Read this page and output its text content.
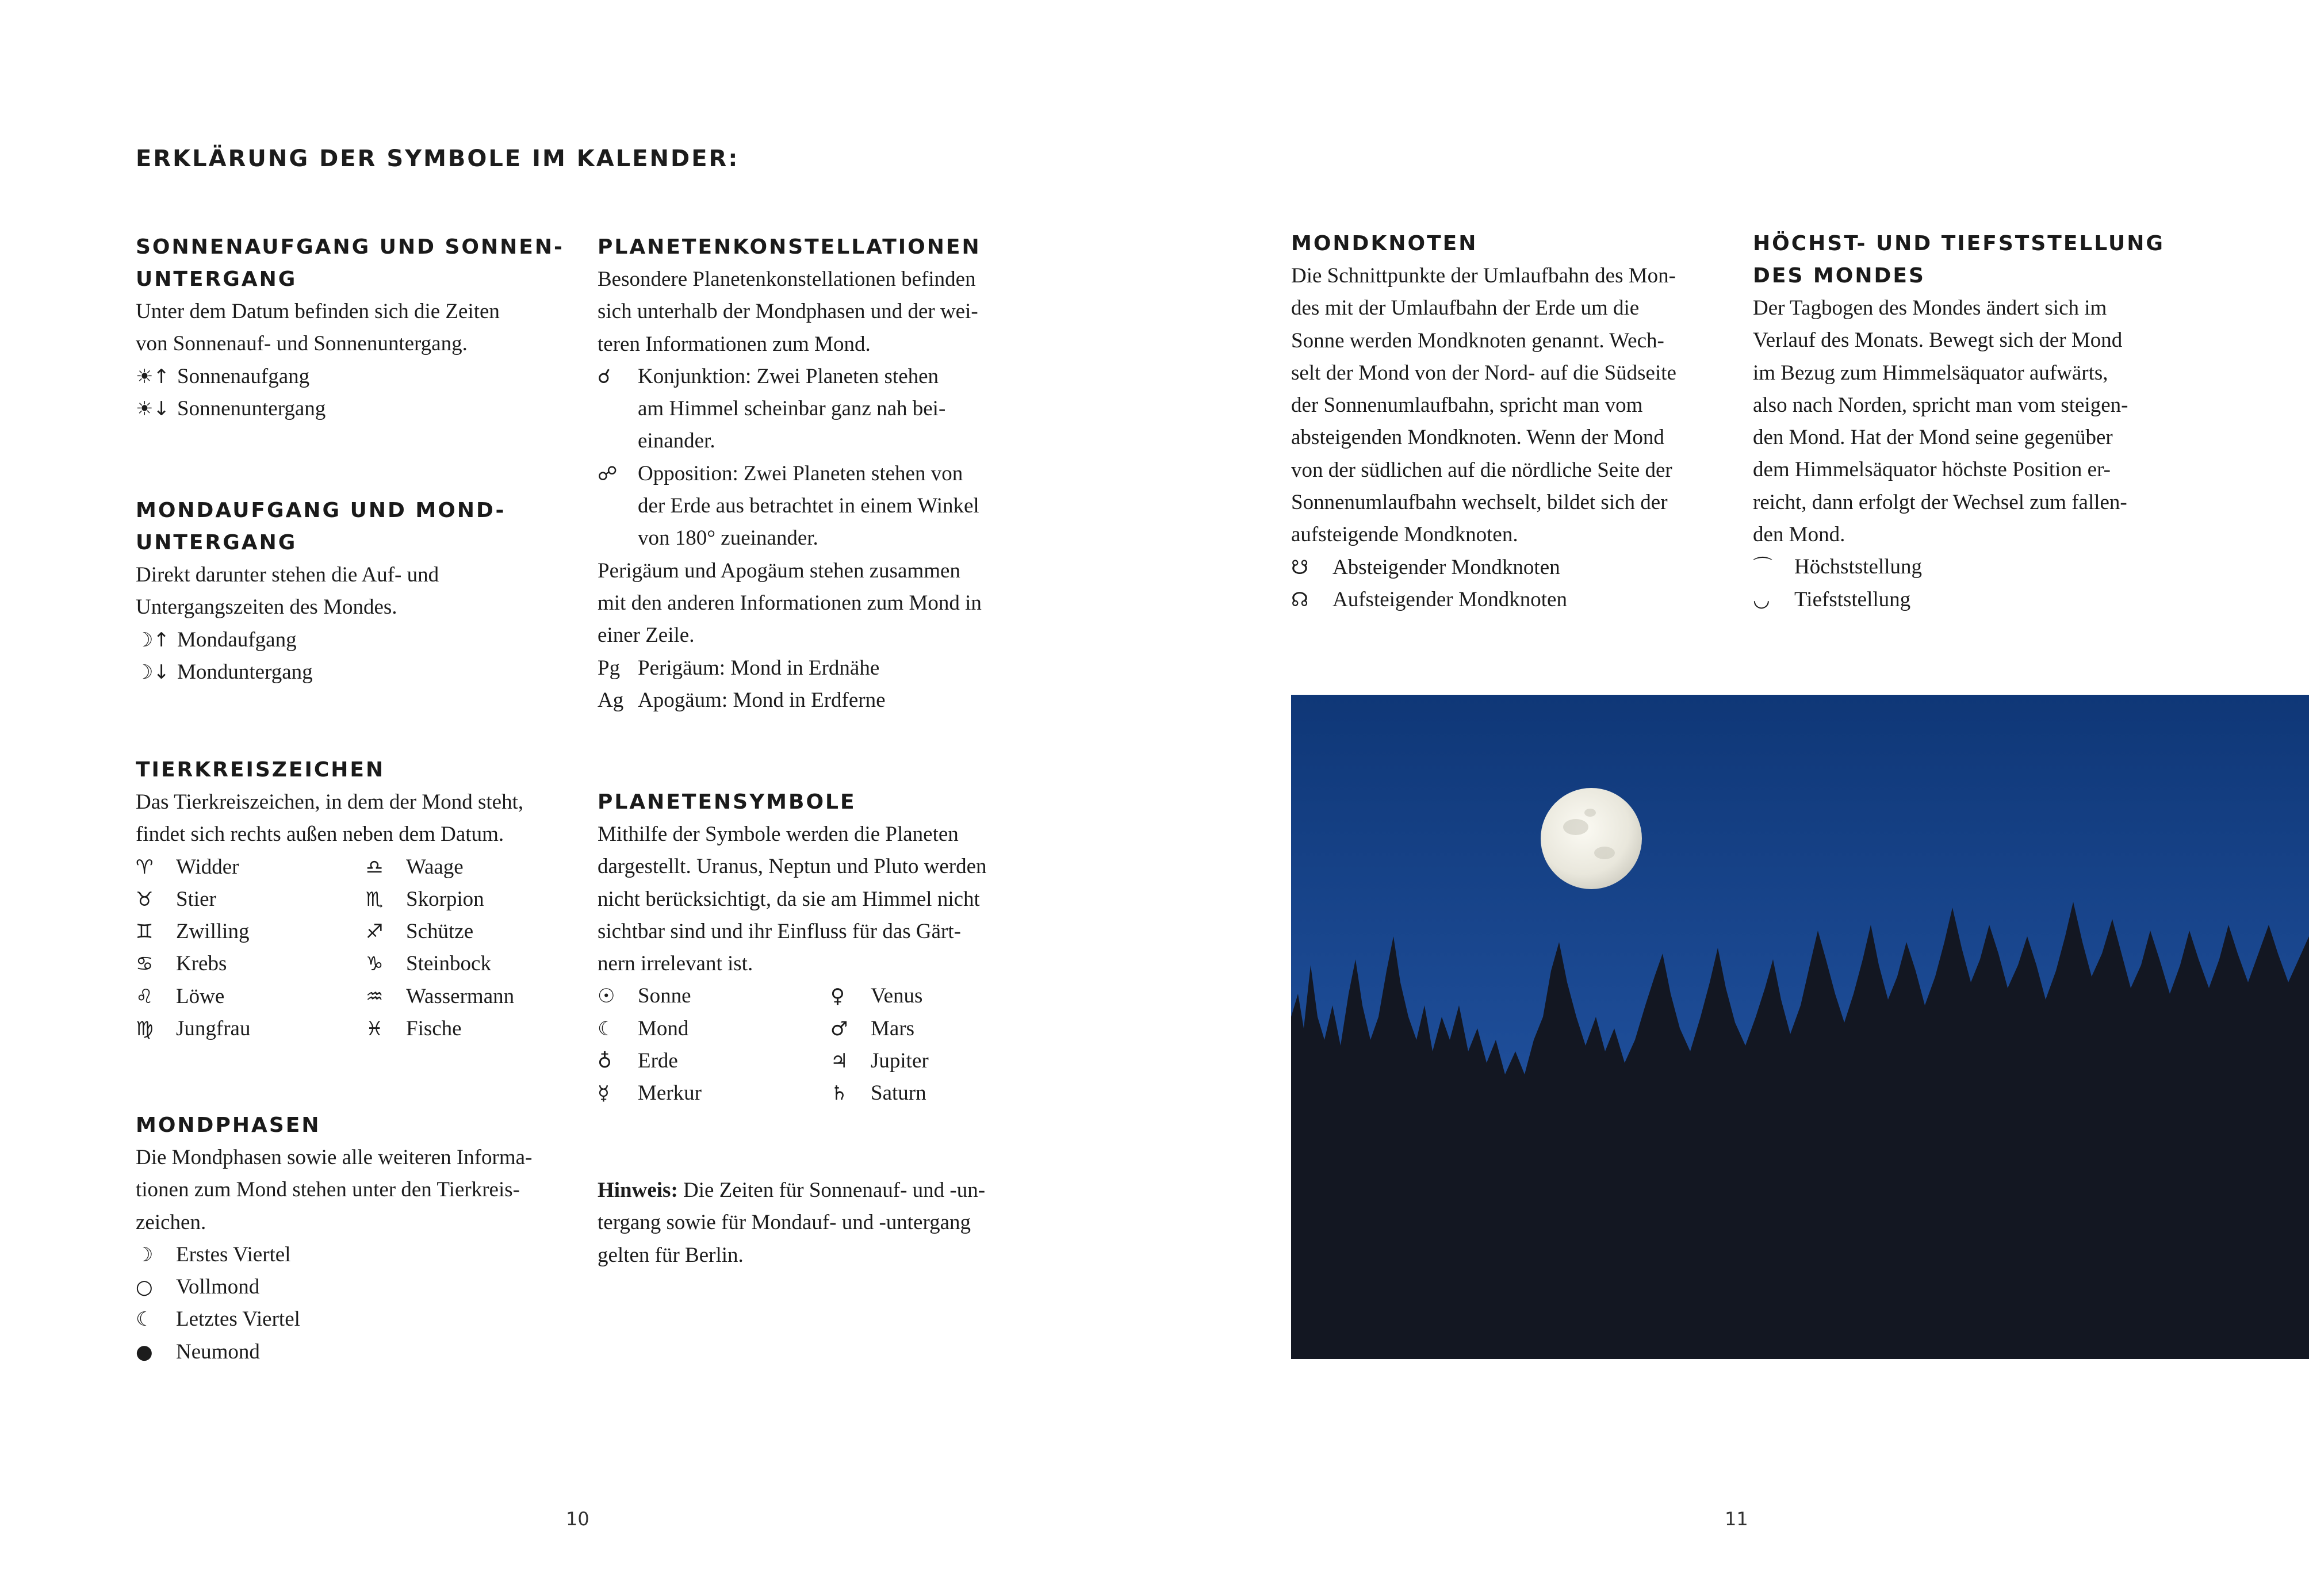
ERKLÄRUNG DER SYMBOLE IM KALENDER:
SONNENAUFGANG UND SONNEN-
UNTERGANG
Unter dem Datum befinden sich die Zeiten
von Sonnenauf- und Sonnenuntergang.
☀↑ Sonnenaufgang
☀↓ Sonnenuntergang
MONDAUFGANG UND MOND-
UNTERGANG
Direkt darunter stehen die Auf- und
Untergangszeiten des Mondes.
☽↑ Mondaufgang
☽↓ Monduntergang
TIERKREISZEICHEN
Das Tierkreiszeichen, in dem der Mond steht,
findet sich rechts außen neben dem Datum.
♈	Widder	♎	Waage
♉	Stier	♏	Skorpion
♊	Zwilling	♐	Schütze
♋	Krebs	♑	Steinbock
♌	Löwe	♒	Wassermann
♍	Jungfrau	♓	Fische
MONDPHASEN
Die Mondphasen sowie alle weiteren Informa-
tionen zum Mond stehen unter den Tierkreis-
zeichen.
☽	Erstes Viertel
○	Vollmond
☾	Letztes Viertel
●	Neumond
PLANETENKONSTELLATIONEN
Besondere Planetenkonstellationen befinden
sich unterhalb der Mondphasen und der wei-
teren Informationen zum Mond.
☌	Konjunktion: Zwei Planeten stehen
am Himmel scheinbar ganz nah bei-
einander.
☍ Opposition: Zwei Planeten stehen von
der Erde aus betrachtet in einem Winkel
von 180° zueinander.
Perigäum und Apogäum stehen zusammen
mit den anderen Informationen zum Mond in
einer Zeile.
Pg Perigäum: Mond in Erdnähe
Ag Apogäum: Mond in Erdferne
PLANETENSYMBOLE
Mithilfe der Symbole werden die Planeten
dargestellt. Uranus, Neptun und Pluto werden
nicht berücksichtigt, da sie am Himmel nicht
sichtbar sind und ihr Einfluss für das Gärt-
nern irrelevant ist.
☉	Sonne	♀	Venus
☾	Mond	♂	Mars
♁	Erde	♃	Jupiter
☿	Merkur	♄	Saturn
Hinweis: Die Zeiten für Sonnenauf- und -un-
tergang sowie für Mondauf- und -untergang
gelten für Berlin.
MONDKNOTEN
Die Schnittpunkte der Umlaufbahn des Mon-
des mit der Umlaufbahn der Erde um die
Sonne werden Mondknoten genannt. Wech-
selt der Mond von der Nord- auf die Südseite
der Sonnenumlaufbahn, spricht man vom
absteigenden Mondknoten. Wenn der Mond
von der südlichen auf die nördliche Seite der
Sonnenumlaufbahn wechselt, bildet sich der
aufsteigende Mondknoten.
☋	Absteigender Mondknoten
☊	Aufsteigender Mondknoten
HÖCHST- UND TIEFSTSTELLUNG
DES MONDES
Der Tagbogen des Mondes ändert sich im
Verlauf des Monats. Bewegt sich der Mond
im Bezug zum Himmelsäquator aufwärts,
also nach Norden, spricht man vom steigen-
den Mond. Hat der Mond seine gegenüber
dem Himmelsäquator höchste Position er-
reicht, dann erfolgt der Wechsel zum fallen-
den Mond.
⌒	Höchststellung
◡	Tiefststellung
10	11
